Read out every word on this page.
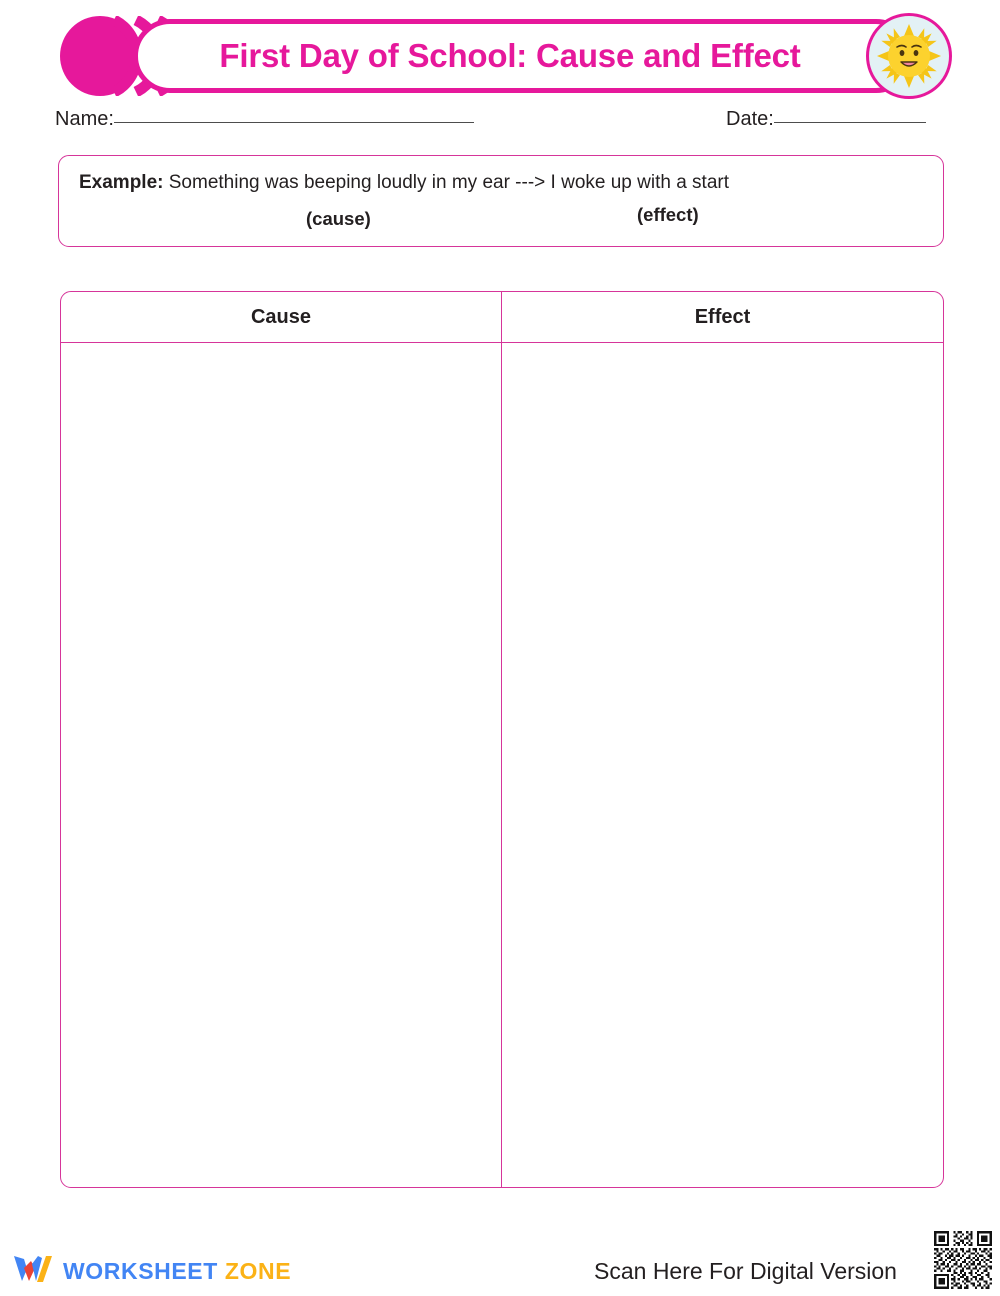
First Day of School: Cause and Effect
Name:	Date:
Example: Something was beeping loudly in my ear ---> I woke up with a start
(cause)	(effect)
Cause	Effect
WORKSHEET ZONE	Scan Here For Digital Version
